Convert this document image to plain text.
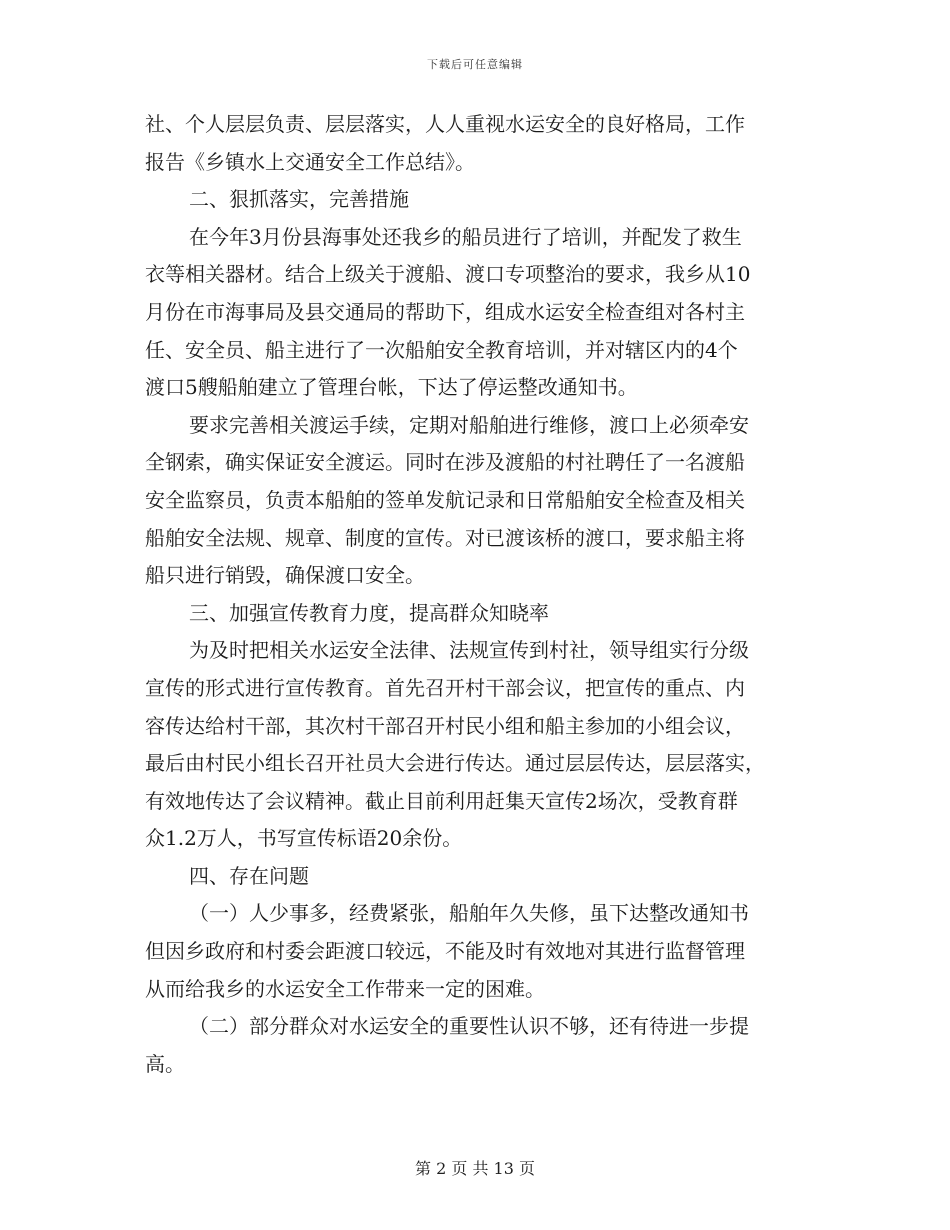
下载后可任意编辑
社、个人层层负责、层层落实，人人重视水运安全的良好格局，工作
报告《乡镇水上交通安全工作总结》。
二、狠抓落实，完善措施
在今年3月份县海事处还我乡的船员进行了培训，并配发了救生
衣等相关器材。结合上级关于渡船、渡口专项整治的要求，我乡从10
月份在市海事局及县交通局的帮助下，组成水运安全检查组对各村主
任、安全员、船主进行了一次船舶安全教育培训，并对辖区内的4个
渡口5艘船舶建立了管理台帐，下达了停运整改通知书。
要求完善相关渡运手续，定期对船舶进行维修，渡口上必须牵安
全钢索，确实保证安全渡运。同时在涉及渡船的村社聘任了一名渡船
安全监察员，负责本船舶的签单发航记录和日常船舶安全检查及相关
船舶安全法规、规章、制度的宣传。对已渡该桥的渡口，要求船主将
船只进行销毁，确保渡口安全。
三、加强宣传教育力度，提高群众知晓率
为及时把相关水运安全法律、法规宣传到村社，领导组实行分级
宣传的形式进行宣传教育。首先召开村干部会议，把宣传的重点、内
容传达给村干部，其次村干部召开村民小组和船主参加的小组会议，
最后由村民小组长召开社员大会进行传达。通过层层传达，层层落实，
有效地传达了会议精神。截止目前利用赶集天宣传2场次，受教育群
众1.2万人，书写宣传标语20余份。
四、存在问题
（一）人少事多，经费紧张，船舶年久失修，虽下达整改通知书
但因乡政府和村委会距渡口较远，不能及时有效地对其进行监督管理
从而给我乡的水运安全工作带来一定的困难。
（二）部分群众对水运安全的重要性认识不够，还有待进一步提
高。
第 2 页 共 13 页
